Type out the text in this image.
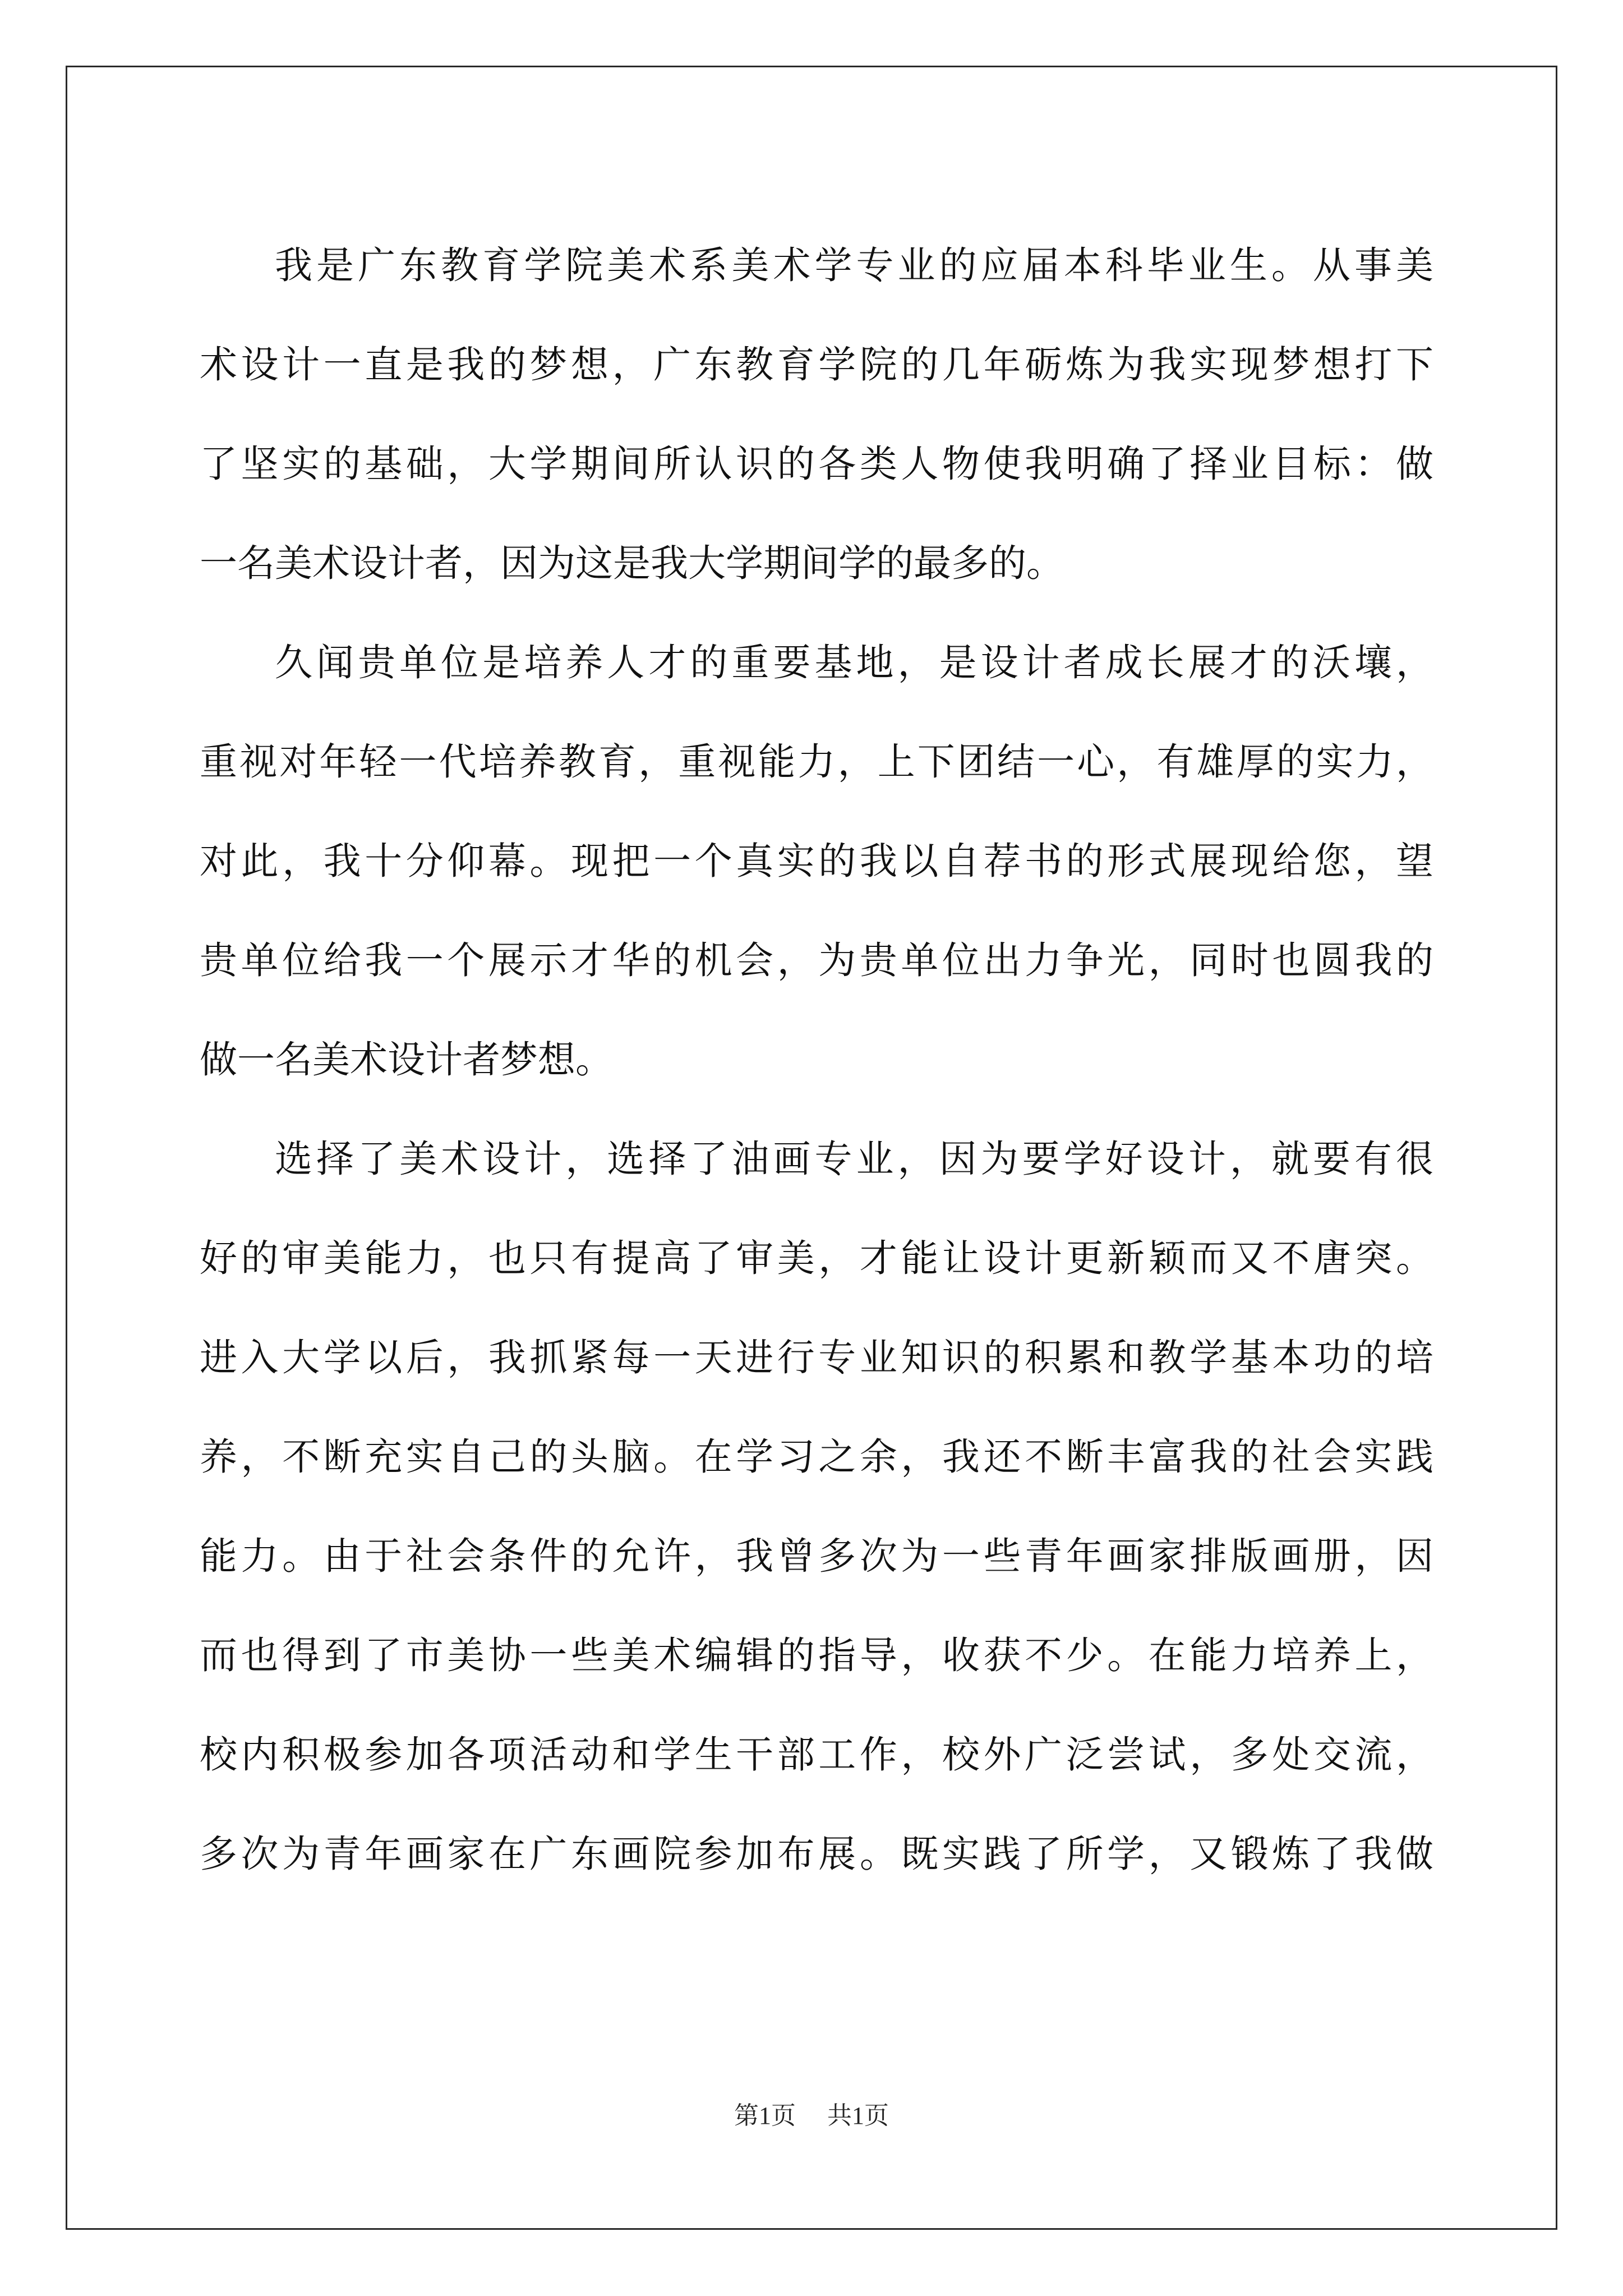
我是广东教育学院美术系美术学专业的应届本科毕业生。从事美
术设计一直是我的梦想，广东教育学院的几年砺炼为我实现梦想打下
了坚实的基础，大学期间所认识的各类人物使我明确了择业目标：做
一名美术设计者，因为这是我大学期间学的最多的。
久闻贵单位是培养人才的重要基地，是设计者成长展才的沃壤，
重视对年轻一代培养教育，重视能力，上下团结一心，有雄厚的实力，
对此，我十分仰幕。现把一个真实的我以自荐书的形式展现给您，望
贵单位给我一个展示才华的机会，为贵单位出力争光，同时也圆我的
做一名美术设计者梦想。
选择了美术设计，选择了油画专业，因为要学好设计，就要有很
好的审美能力，也只有提高了审美，才能让设计更新颖而又不唐突。
进入大学以后，我抓紧每一天进行专业知识的积累和教学基本功的培
养，不断充实自己的头脑。在学习之余，我还不断丰富我的社会实践
能力。由于社会条件的允许，我曾多次为一些青年画家排版画册，因
而也得到了市美协一些美术编辑的指导，收获不少。在能力培养上，
校内积极参加各项活动和学生干部工作，校外广泛尝试，多处交流，
多次为青年画家在广东画院参加布展。既实践了所学，又锻炼了我做
第1页 共1页
